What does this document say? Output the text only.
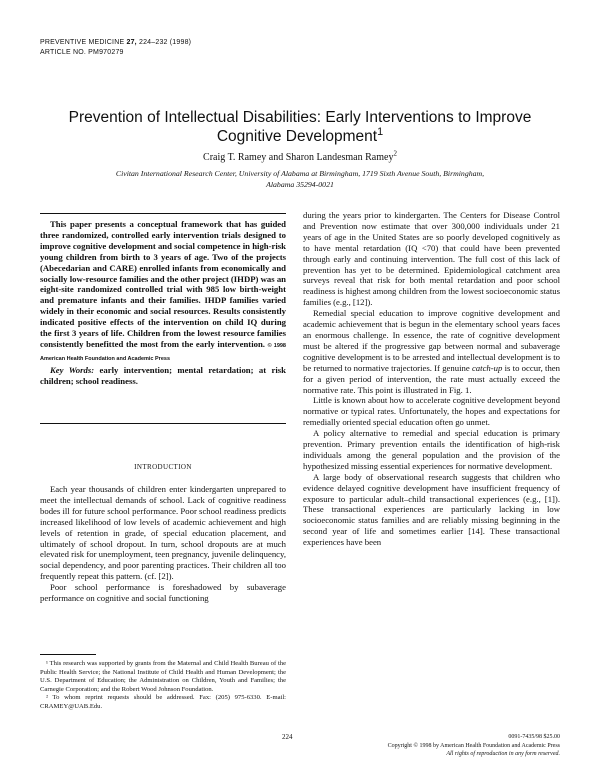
PREVENTIVE MEDICINE 27, 224–232 (1998)
ARTICLE NO. PM970279
Prevention of Intellectual Disabilities: Early Interventions to Improve Cognitive Development$^1$
Craig T. Ramey and Sharon Landesman Ramey$^2$
Civitan International Research Center, University of Alabama at Birmingham, 1719 Sixth Avenue South, Birmingham, Alabama 35294-0021

This paper presents a conceptual framework that has guided three randomized, controlled early intervention trials designed to improve cognitive development and social competence in high-risk young children from birth to 3 years of age. Two of the projects (Abecedarian and CARE) enrolled infants from economically and socially low-resource families and the other project (IHDP) was an eight-site randomized controlled trial with 985 low birth-weight and premature infants and their families. IHDP families varied widely in their economic and social resources. Results consistently indicated positive effects of the intervention on child IQ during the first 3 years of life. Children from the lowest resource families consistently benefitted the most from the early intervention. © 1998 American Health Foundation and Academic Press

Key Words: early intervention; mental retardation; at risk children; school readiness.

INTRODUCTION

Each year thousands of children enter kindergarten unprepared to meet the intellectual demands of school. Lack of cognitive readiness bodes ill for future school performance. Poor school readiness predicts increased likelihood of low levels of academic achievement and high levels of retention in grade, of special education placement, and ultimately of school dropout. In turn, school dropouts are at much elevated risk for unemployment, teen pregnancy, juvenile delinquency, social dependency, and poor parenting practices. Their children all too frequently repeat this pattern. (cf. [2]).

Poor school performance is foreshadowed by subaverage performance on cognitive and social functioning

¹ This research was supported by grants from the Maternal and Child Health Bureau of the Public Health Service; the National Institute of Child Health and Human Development; the U.S. Department of Education; the Administration on Children, Youth and Families; the Carnegie Corporation; and the Robert Wood Johnson Foundation.

² To whom reprint requests should be addressed. Fax: (205) 975-6330. E-mail: CRAMEY@UAB.Edu.

during the years prior to kindergarten. The Centers for Disease Control and Prevention now estimate that over 300,000 individuals under 21 years of age in the United States are so poorly developed cognitively as to have mental retardation (IQ <70) that could have been prevented through early and continuing intervention. The full cost of this lack of prevention has yet to be determined. Epidemiological catchment area surveys reveal that risk for both mental retardation and poor school readiness is highest among children from the lowest socioeconomic status families (e.g., [12]).

Remedial special education to improve cognitive development and academic achievement that is begun in the elementary school years faces an enormous challenge. In essence, the rate of cognitive development must be altered if the progressive gap between normal and subaverage cognitive development is to be arrested and intellectual development is to be returned to normative trajectories. If genuine catch-up is to occur, then for a given period of intervention, the rate must actually exceed the normative rate. This point is illustrated in Fig. 1.

Little is known about how to accelerate cognitive development beyond normative or typical rates. Unfortunately, the hopes and expectations for remedially oriented special education often go unmet.

A policy alternative to remedial and special education is primary prevention. Primary prevention entails the identification of high-risk individuals among the general population and the provision of the hypothesized missing essential experiences for normative development.

A large body of observational research suggests that children who evidence delayed cognitive development have insufficient frequency of exposure to particular adult–child transactional experiences (e.g., [1]). These transactional experiences are particularly lacking in low socioeconomic status families and are reliably missing beginning in the second year of life and sometimes earlier [14]. These transactional experiences have been

224	0091-7435/98 $25.00
Copyright © 1998 by American Health Foundation and Academic Press
All rights of reproduction in any form reserved.
